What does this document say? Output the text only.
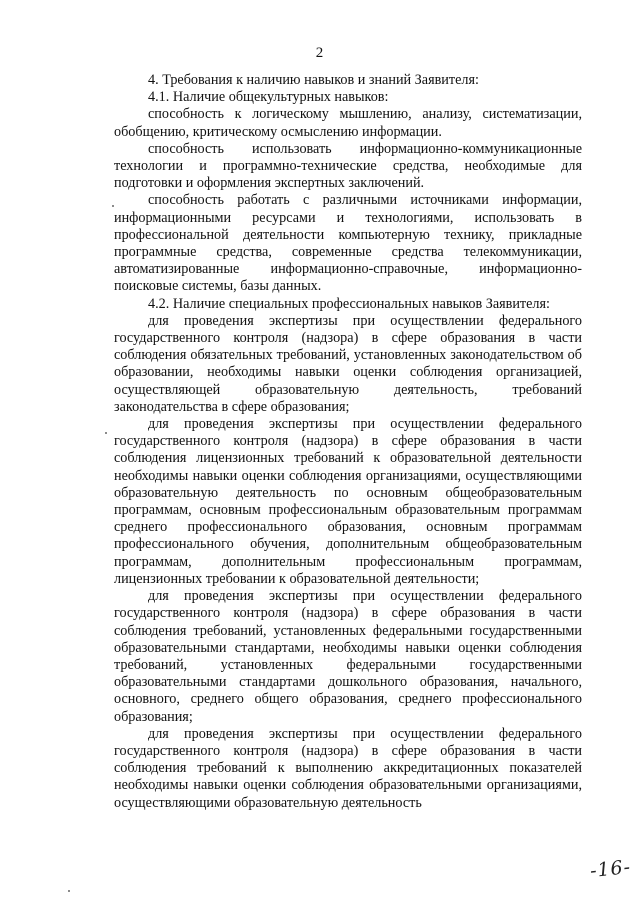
2

4. Требования к наличию навыков и знаний Заявителя:

4.1. Наличие общекультурных навыков:

способность к логическому мышлению, анализу, систематизации, обобщению, критическому осмыслению информации.

способность использовать информационно-коммуникационные технологии и программно-технические средства, необходимые для подготовки и оформления экспертных заключений.

способность работать с различными источниками информации, информационными ресурсами и технологиями, использовать в профессиональной деятельности компьютерную технику, прикладные программные средства, современные средства телекоммуникации, автоматизированные информационно-справочные, информационно-поисковые системы, базы данных.

4.2. Наличие специальных профессиональных навыков Заявителя:

для проведения экспертизы при осуществлении федерального государственного контроля (надзора) в сфере образования в части соблюдения обязательных требований, установленных законодательством об образовании, необходимы навыки оценки соблюдения организацией, осуществляющей образовательную деятельность, требований законодательства в сфере образования;

для проведения экспертизы при осуществлении федерального государственного контроля (надзора) в сфере образования в части соблюдения лицензионных требований к образовательной деятельности необходимы навыки оценки соблюдения организациями, осуществляющими образовательную деятельность по основным общеобразовательным программам, основным профессиональным образовательным программам среднего профессионального образования, основным программам профессионального обучения, дополнительным общеобразовательным программам, дополнительным профессиональным программам, лицензионных требовании к образовательной деятельности;

для проведения экспертизы при осуществлении федерального государственного контроля (надзора) в сфере образования в части соблюдения требований, установленных федеральными государственными образовательными стандартами, необходимы навыки оценки соблюдения требований, установленных федеральными государственными образовательными стандартами дошкольного образования, начального, основного, среднего общего образования, среднего профессионального образования;

для проведения экспертизы при осуществлении федерального государственного контроля (надзора) в сфере образования в части соблюдения требований к выполнению аккредитационных показателей необходимы навыки оценки соблюдения образовательными организациями, осуществляющими образовательную деятельность

-16-
